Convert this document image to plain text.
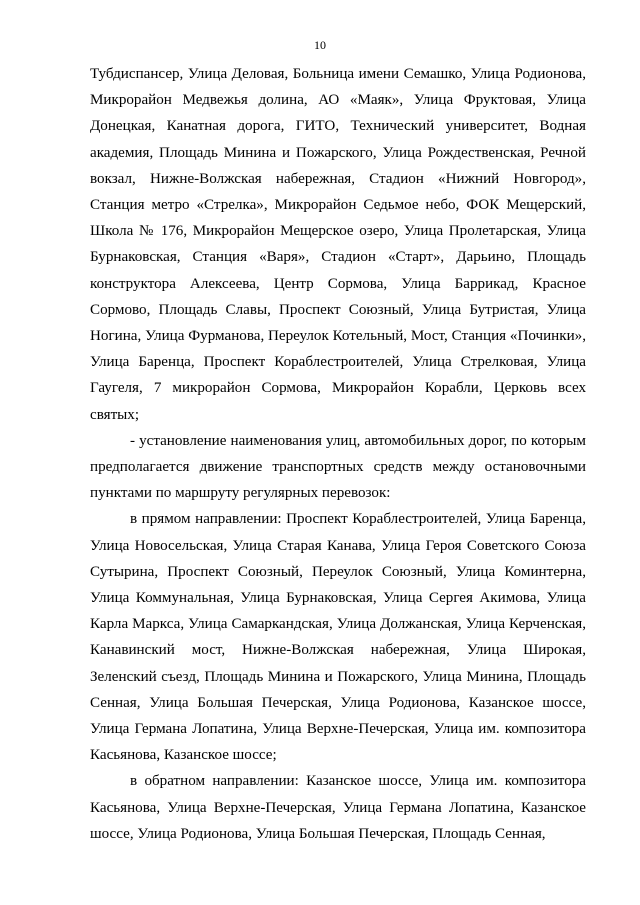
10

Тубдиспансер, Улица Деловая, Больница имени Семашко, Улица Родионова, Микрорайон Медвежья долина, АО «Маяк», Улица Фруктовая, Улица Донецкая, Канатная дорога, ГИТО, Технический университет, Водная академия, Площадь Минина и Пожарского, Улица Рождественская, Речной вокзал, Нижне-Волжская набережная, Стадион «Нижний Новгород», Станция метро «Стрелка», Микрорайон Седьмое небо, ФОК Мещерский, Школа № 176, Микрорайон Мещерское озеро, Улица Пролетарская, Улица Бурнаковская, Станция «Варя», Стадион «Старт», Дарьино, Площадь конструктора Алексеева, Центр Сормова, Улица Баррикад, Красное Сормово, Площадь Славы, Проспект Союзный, Улица Бутристая, Улица Ногина, Улица Фурманова, Переулок Котельный, Мост, Станция «Починки», Улица Баренца, Проспект Кораблестроителей, Улица Стрелковая, Улица Гаугеля, 7 микрорайон Сормова, Микрорайон Корабли, Церковь всех святых;

- установление наименования улиц, автомобильных дорог, по которым предполагается движение транспортных средств между остановочными пунктами по маршруту регулярных перевозок:

в прямом направлении: Проспект Кораблестроителей, Улица Баренца, Улица Новосельская, Улица Старая Канава, Улица Героя Советского Союза Сутырина, Проспект Союзный, Переулок Союзный, Улица Коминтерна, Улица Коммунальная, Улица Бурнаковская, Улица Сергея Акимова, Улица Карла Маркса, Улица Самаркандская, Улица Должанская, Улица Керченская, Канавинский мост, Нижне-Волжская набережная, Улица Широкая, Зеленский съезд, Площадь Минина и Пожарского, Улица Минина, Площадь Сенная, Улица Большая Печерская, Улица Родионова, Казанское шоссе, Улица Германа Лопатина, Улица Верхне-Печерская, Улица им. композитора Касьянова, Казанское шоссе;

в обратном направлении: Казанское шоссе, Улица им. композитора Касьянова, Улица Верхне-Печерская, Улица Германа Лопатина, Казанское шоссе, Улица Родионова, Улица Большая Печерская, Площадь Сенная,
